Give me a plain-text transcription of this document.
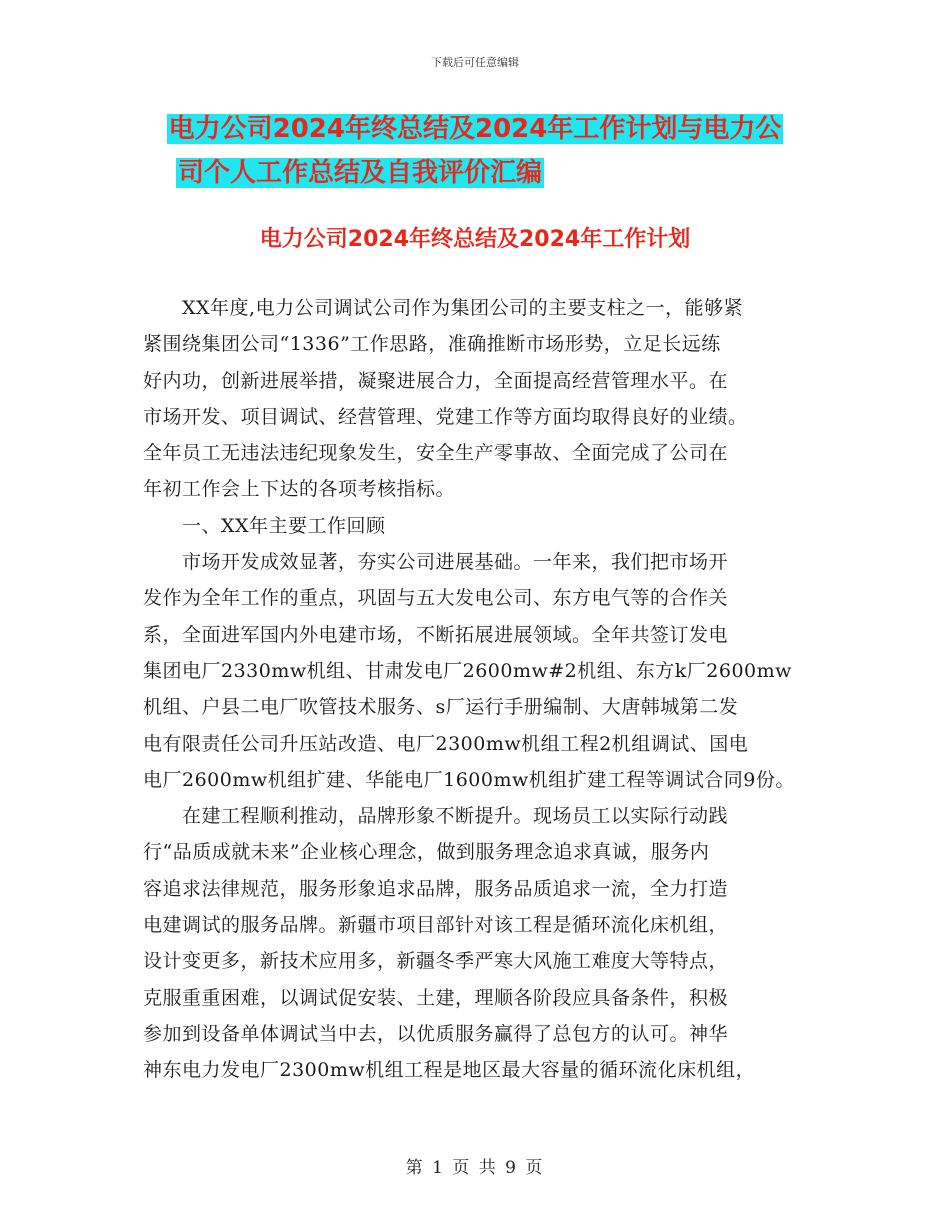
下载后可任意编辑
电力公司2024年终总结及2024年工作计划与电力公
司个人工作总结及自我评价汇编
电力公司2024年终总结及2024年工作计划
　　XX年度,电力公司调试公司作为集团公司的主要支柱之一，能够紧
紧围绕集团公司“1336”工作思路，准确推断市场形势，立足长远练
好内功，创新进展举措，凝聚进展合力，全面提高经营管理水平。在
市场开发、项目调试、经营管理、党建工作等方面均取得良好的业绩。
全年员工无违法违纪现象发生，安全生产零事故、全面完成了公司在
年初工作会上下达的各项考核指标。
　　一、XX年主要工作回顾
　　市场开发成效显著，夯实公司进展基础。一年来，我们把市场开
发作为全年工作的重点，巩固与五大发电公司、东方电气等的合作关
系，全面进军国内外电建市场，不断拓展进展领域。全年共签订发电
集团电厂2330mw机组、甘肃发电厂2600mw#2机组、东方k厂2600mw
机组、户县二电厂吹管技术服务、s厂运行手册编制、大唐韩城第二发
电有限责任公司升压站改造、电厂2300mw机组工程2机组调试、国电
电厂2600mw机组扩建、华能电厂1600mw机组扩建工程等调试合同9份。
　　在建工程顺利推动，品牌形象不断提升。现场员工以实际行动践
行“品质成就未来”企业核心理念，做到服务理念追求真诚，服务内
容追求法律规范，服务形象追求品牌，服务品质追求一流，全力打造
电建调试的服务品牌。新疆市项目部针对该工程是循环流化床机组，
设计变更多，新技术应用多，新疆冬季严寒大风施工难度大等特点，
克服重重困难，以调试促安装、土建，理顺各阶段应具备条件，积极
参加到设备单体调试当中去，以优质服务赢得了总包方的认可。神华
神东电力发电厂2300mw机组工程是地区最大容量的循环流化床机组，
第 1 页 共 9 页
